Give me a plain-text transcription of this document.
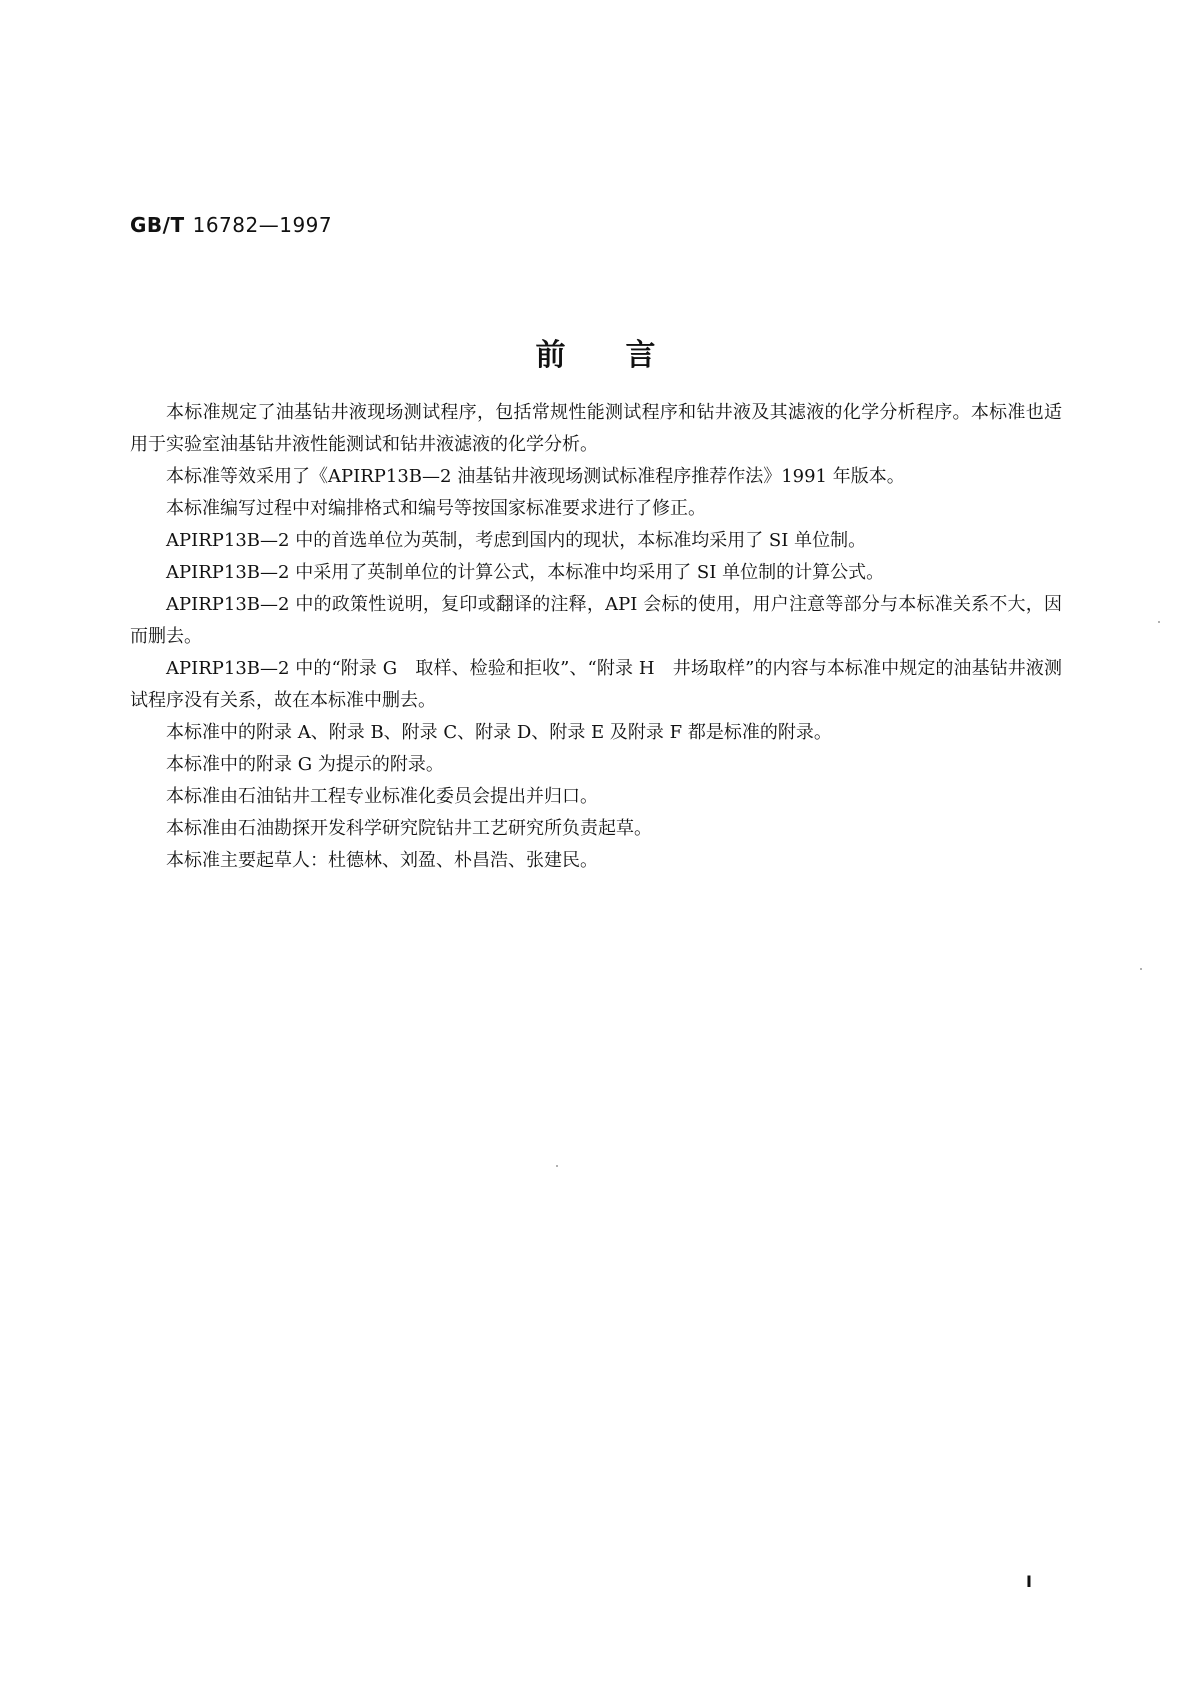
GB/T 16782—1997
前言

本标准规定了油基钻井液现场测试程序，包括常规性能测试程序和钻井液及其滤液的化学分析程序。本标准也适用于实验室油基钻井液性能测试和钻井液滤液的化学分析。

本标准等效采用了《APIRP13B—2 油基钻井液现场测试标准程序推荐作法》1991 年版本。

本标准编写过程中对编排格式和编号等按国家标准要求进行了修正。

APIRP13B—2 中的首选单位为英制，考虑到国内的现状，本标准均采用了 SI 单位制。

APIRP13B—2 中采用了英制单位的计算公式，本标准中均采用了 SI 单位制的计算公式。

APIRP13B—2 中的政策性说明，复印或翻译的注释，API 会标的使用，用户注意等部分与本标准关系不大，因而删去。

APIRP13B—2 中的“附录 G　取样、检验和拒收”、“附录 H　井场取样”的内容与本标准中规定的油基钻井液测试程序没有关系，故在本标准中删去。

本标准中的附录 A、附录 B、附录 C、附录 D、附录 E 及附录 F 都是标准的附录。

本标准中的附录 G 为提示的附录。

本标准由石油钻井工程专业标准化委员会提出并归口。

本标准由石油勘探开发科学研究院钻井工艺研究所负责起草。

本标准主要起草人：杜德林、刘盈、朴昌浩、张建民。

I
